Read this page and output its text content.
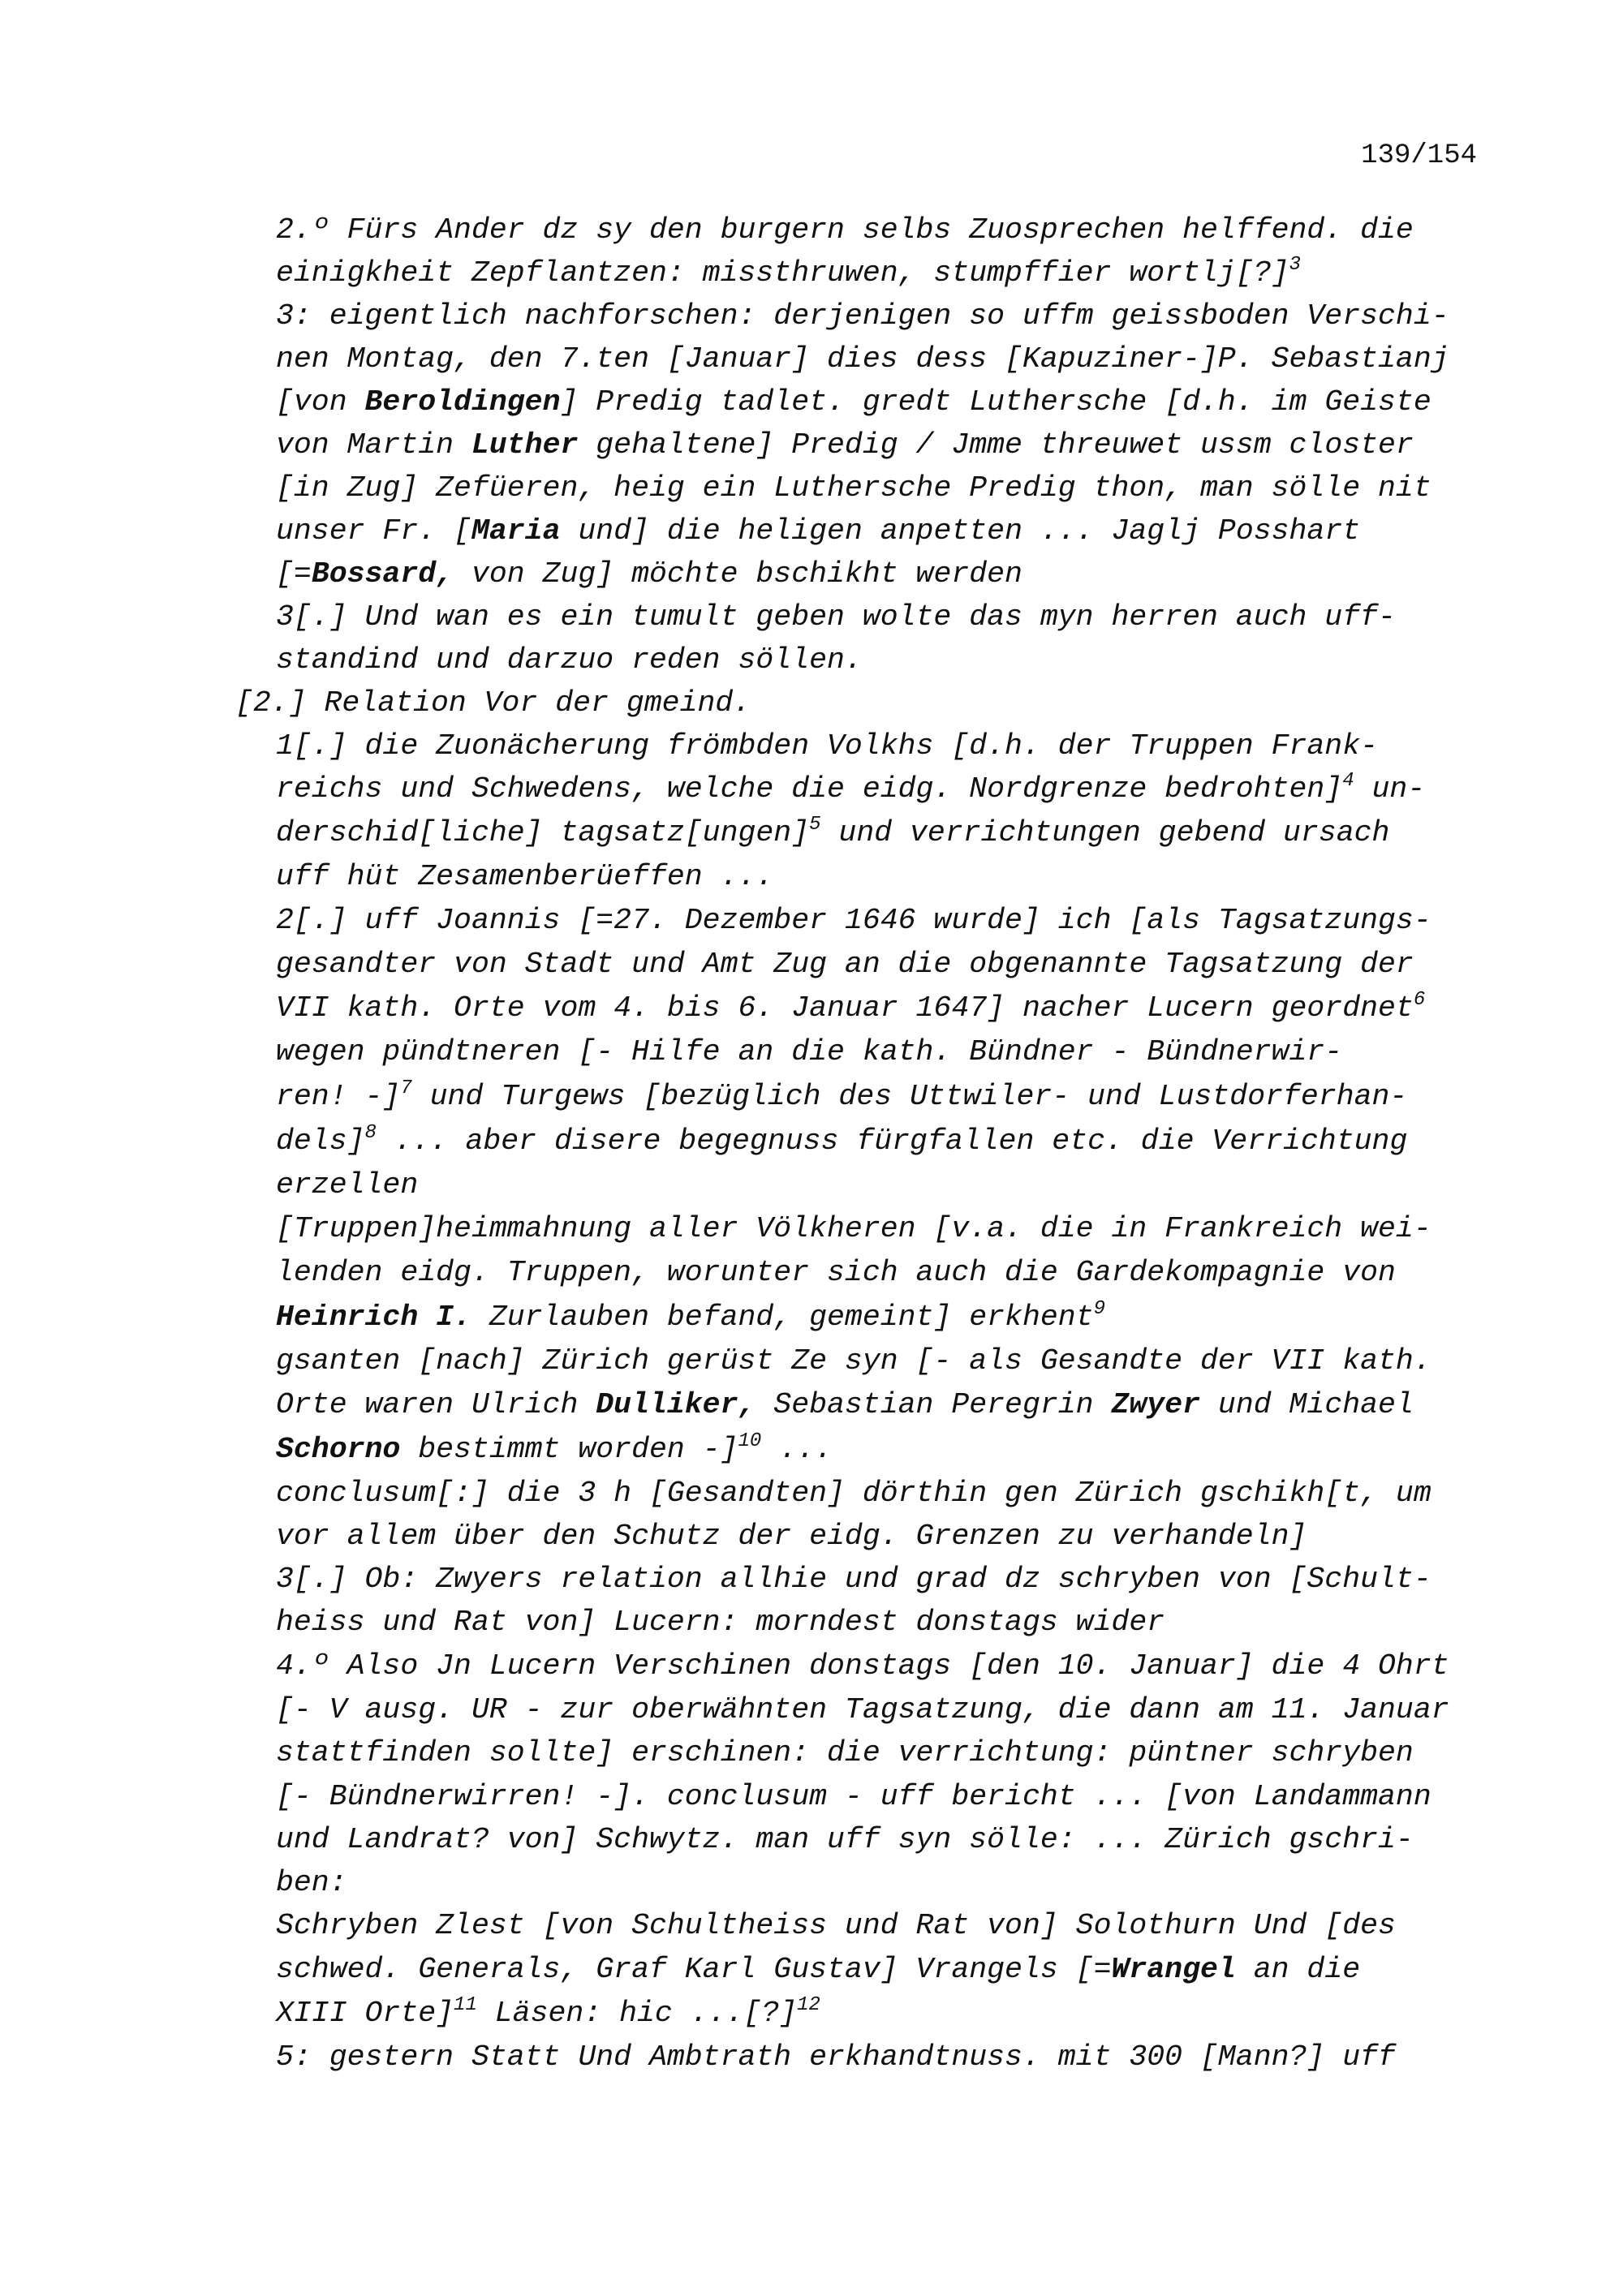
139/154
2.º Fürs Ander dz sy den burgern selbs Zuosprechen helffend. die
einigkheit Zepflantzen: missthruwen, stumpffier wortlj[?]$^3$
3: eigentlich nachforschen: derjenigen so uffm geissboden Verschi-
nen Montag, den 7.ten [Januar] dies dess [Kapuziner-]P. Sebastianj
[von Beroldingen] Predig tadlet. gredt Luthersche [d.h. im Geiste
von Martin Luther gehaltene] Predig / Jmme threuwet ussm closter
[in Zug] Zefüeren, heig ein Luthersche Predig thon, man sölle nit
unser Fr. [Maria und] die heligen anpetten ... Jaglj Posshart
[=Bossard, von Zug] möchte bschikht werden
3[.] Und wan es ein tumult geben wolte das myn herren auch uff-
standind und darzuo reden söllen.
[2.] Relation Vor der gmeind.
1[.] die Zuonächerung frömbden Volkhs [d.h. der Truppen Frank-
reichs und Schwedens, welche die eidg. Nordgrenze bedrohten]$^4$ un-
derschid[liche] tagsatz[ungen]$^5$ und verrichtungen gebend ursach
uff hüt Zesamenberüeffen ...
2[.] uff Joannis [=27. Dezember 1646 wurde] ich [als Tagsatzungs-
gesandter von Stadt und Amt Zug an die obgenannte Tagsatzung der
VII kath. Orte vom 4. bis 6. Januar 1647] nacher Lucern geordnet$^6$
wegen pündtneren [- Hilfe an die kath. Bündner - Bündnerwir-
ren! -]$^7$ und Turgews [bezüglich des Uttwiler- und Lustdorferhan-
dels]$^8$ ... aber disere begegnuss fürgfallen etc. die Verrichtung
erzellen
[Truppen]heimmahnung aller Völkheren [v.a. die in Frankreich wei-
lenden eidg. Truppen, worunter sich auch die Gardekompagnie von
Heinrich I. Zurlauben befand, gemeint] erkhent$^9$
gsanten [nach] Zürich gerüst Ze syn [- als Gesandte der VII kath.
Orte waren Ulrich Dulliker, Sebastian Peregrin Zwyer und Michael
Schorno bestimmt worden -]$^{10}$ ...
conclusum[:] die 3 h [Gesandten] dörthin gen Zürich gschikh[t, um
vor allem über den Schutz der eidg. Grenzen zu verhandeln]
3[.] Ob: Zwyers relation allhie und grad dz schryben von [Schult-
heiss und Rat von] Lucern: morndest donstags wider
4.º Also Jn Lucern Verschinen donstags [den 10. Januar] die 4 Ohrt
[- V ausg. UR - zur oberwähnten Tagsatzung, die dann am 11. Januar
stattfinden sollte] erschinen: die verrichtung: püntner schryben
[- Bündnerwirren! -]. conclusum - uff bericht ... [von Landammann
und Landrat? von] Schwytz. man uff syn sölle: ... Zürich gschri-
ben:
Schryben Zlest [von Schultheiss und Rat von] Solothurn Und [des
schwed. Generals, Graf Karl Gustav] Vrangels [=Wrangel an die
XIII Orte]$^{11}$ Läsen: hic ...[?]$^{12}$
5: gestern Statt Und Ambtrath erkhandtnuss. mit 300 [Mann?] uff
